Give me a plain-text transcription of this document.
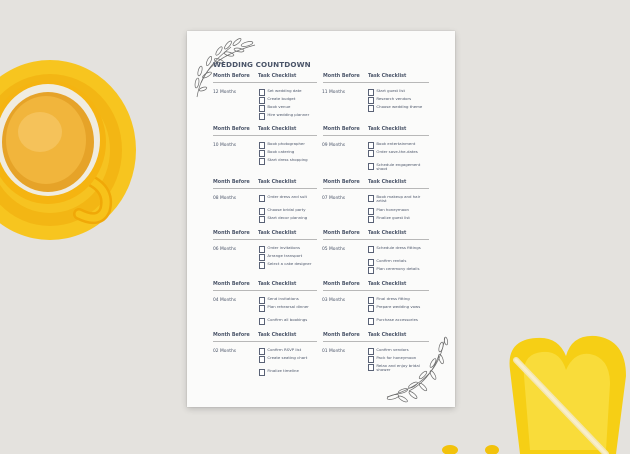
WEDDING COUNTDOWN
Month Before Task Checklist
12 Months	Set wedding date
Create budget
Book venue
Hire wedding planner
Month Before Task Checklist
11 Months	Start guest list
Research vendors
Choose wedding theme
Month Before Task Checklist
10 Months	Book photographer
Book catering
Start dress shopping
Month Before Task Checklist
09 Months	Book entertainment
Order save-the-dates
Schedule engagement shoot
Month Before Task Checklist
08 Months	Order dress and suit
Choose bridal party
Start decor planning
Month Before Task Checklist
07 Months	Book makeup and hair artist
Plan honeymoon
Finalize guest list
Month Before Task Checklist
06 Months	Order invitations
Arrange transport
Select a cake designer
Month Before Task Checklist
05 Months	Schedule dress fittings
Confirm rentals
Plan ceremony details
Month Before Task Checklist
04 Months	Send invitations
Plan rehearsal dinner
Confirm all bookings
Month Before Task Checklist
03 Months	Final dress fitting
Prepare wedding vows
Purchase accessories
Month Before Task Checklist
02 Months	Confirm RSVP list
Create seating chart
Finalize timeline
Month Before Task Checklist
01 Months	Confirm vendors
Pack for honeymoon
Relax and enjoy bridal shower
